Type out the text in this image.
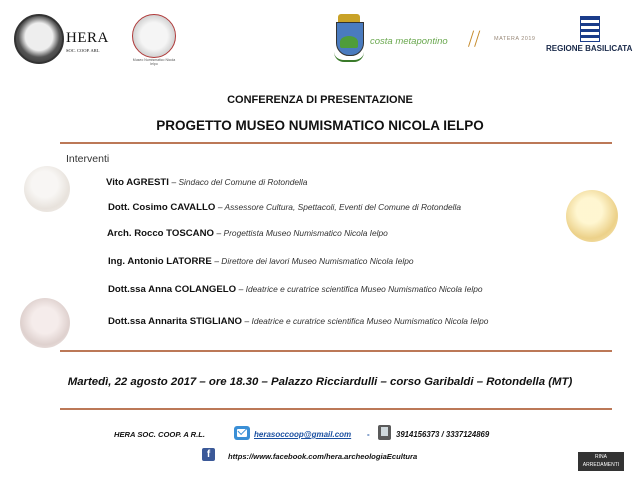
HERA
SOC. COOP. ARL
Museo Numismatico Nicola Ielpo
costa metapontino	⧸⧸	MATERA 2019
REGIONE BASILICATA
CONFERENZA DI PRESENTAZIONE
PROGETTO MUSEO NUMISMATICO NICOLA IELPO
Interventi
Vito AGRESTI – Sindaco del Comune di Rotondella
Dott. Cosimo CAVALLO – Assessore Cultura, Spettacoli, Eventi del Comune di Rotondella
Arch. Rocco TOSCANO – Progettista Museo Numismatico Nicola Ielpo
Ing. Antonio LATORRE – Direttore dei lavori Museo Numismatico Nicola Ielpo
Dott.ssa Anna COLANGELO – Ideatrice e curatrice scientifica Museo Numismatico Nicola Ielpo
Dott.ssa Annarita STIGLIANO – Ideatrice e curatrice scientifica Museo Numismatico Nicola Ielpo
Martedì, 22 agosto 2017 – ore 18.30 – Palazzo Ricciardulli – corso Garibaldi – Rotondella (MT)
HERA SOC. COOP. A R.L.	herasoccoop@gmail.com -	3914156373 / 3337124869
f	https://www.facebook.com/hera.archeologiaEcultura	RINA ARREDAMENTI
